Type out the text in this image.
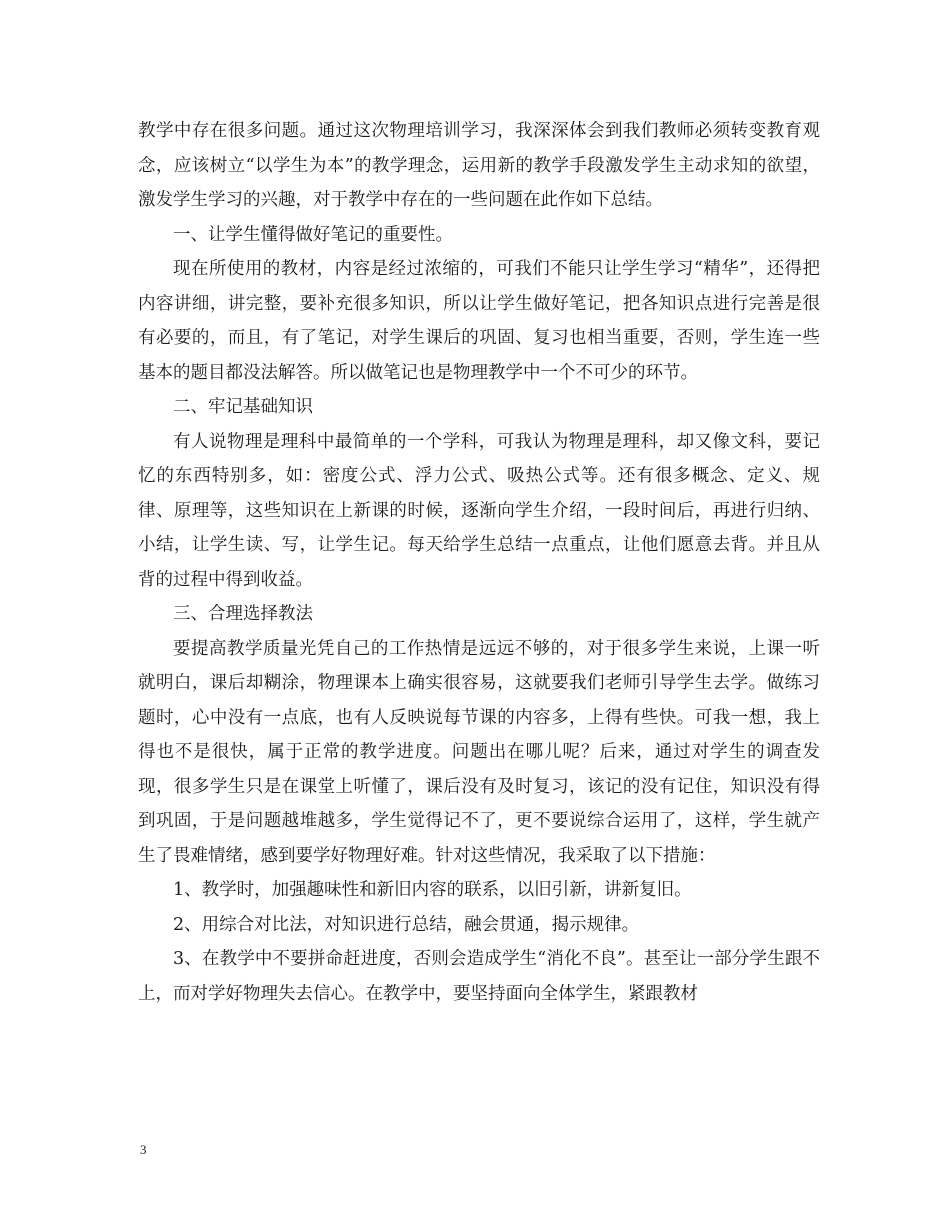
教学中存在很多问题。通过这次物理培训学习，我深深体会到我们教师必须转变教育观念，应该树立“以学生为本”的教学理念，运用新的教学手段激发学生主动求知的欲望，激发学生学习的兴趣，对于教学中存在的一些问题在此作如下总结。

一、让学生懂得做好笔记的重要性。

现在所使用的教材，内容是经过浓缩的，可我们不能只让学生学习“精华”，还得把内容讲细，讲完整，要补充很多知识，所以让学生做好笔记，把各知识点进行完善是很有必要的，而且，有了笔记，对学生课后的巩固、复习也相当重要，否则，学生连一些基本的题目都没法解答。所以做笔记也是物理教学中一个不可少的环节。

二、牢记基础知识

有人说物理是理科中最简单的一个学科，可我认为物理是理科，却又像文科，要记忆的东西特别多，如：密度公式、浮力公式、吸热公式等。还有很多概念、定义、规律、原理等，这些知识在上新课的时候，逐渐向学生介绍，一段时间后，再进行归纳、小结，让学生读、写，让学生记。每天给学生总结一点重点，让他们愿意去背。并且从背的过程中得到收益。

三、合理选择教法

要提高教学质量光凭自己的工作热情是远远不够的，对于很多学生来说，上课一听就明白，课后却糊涂，物理课本上确实很容易，这就要我们老师引导学生去学。做练习题时，心中没有一点底，也有人反映说每节课的内容多，上得有些快。可我一想，我上得也不是很快，属于正常的教学进度。问题出在哪儿呢？后来，通过对学生的调查发现，很多学生只是在课堂上听懂了，课后没有及时复习，该记的没有记住，知识没有得到巩固，于是问题越堆越多，学生觉得记不了，更不要说综合运用了，这样，学生就产生了畏难情绪，感到要学好物理好难。针对这些情况，我采取了以下措施：

1、教学时，加强趣味性和新旧内容的联系，以旧引新，讲新复旧。

2、用综合对比法，对知识进行总结，融会贯通，揭示规律。

3、在教学中不要拼命赶进度，否则会造成学生“消化不良”。甚至让一部分学生跟不上，而对学好物理失去信心。在教学中，要坚持面向全体学生，紧跟教材

3
